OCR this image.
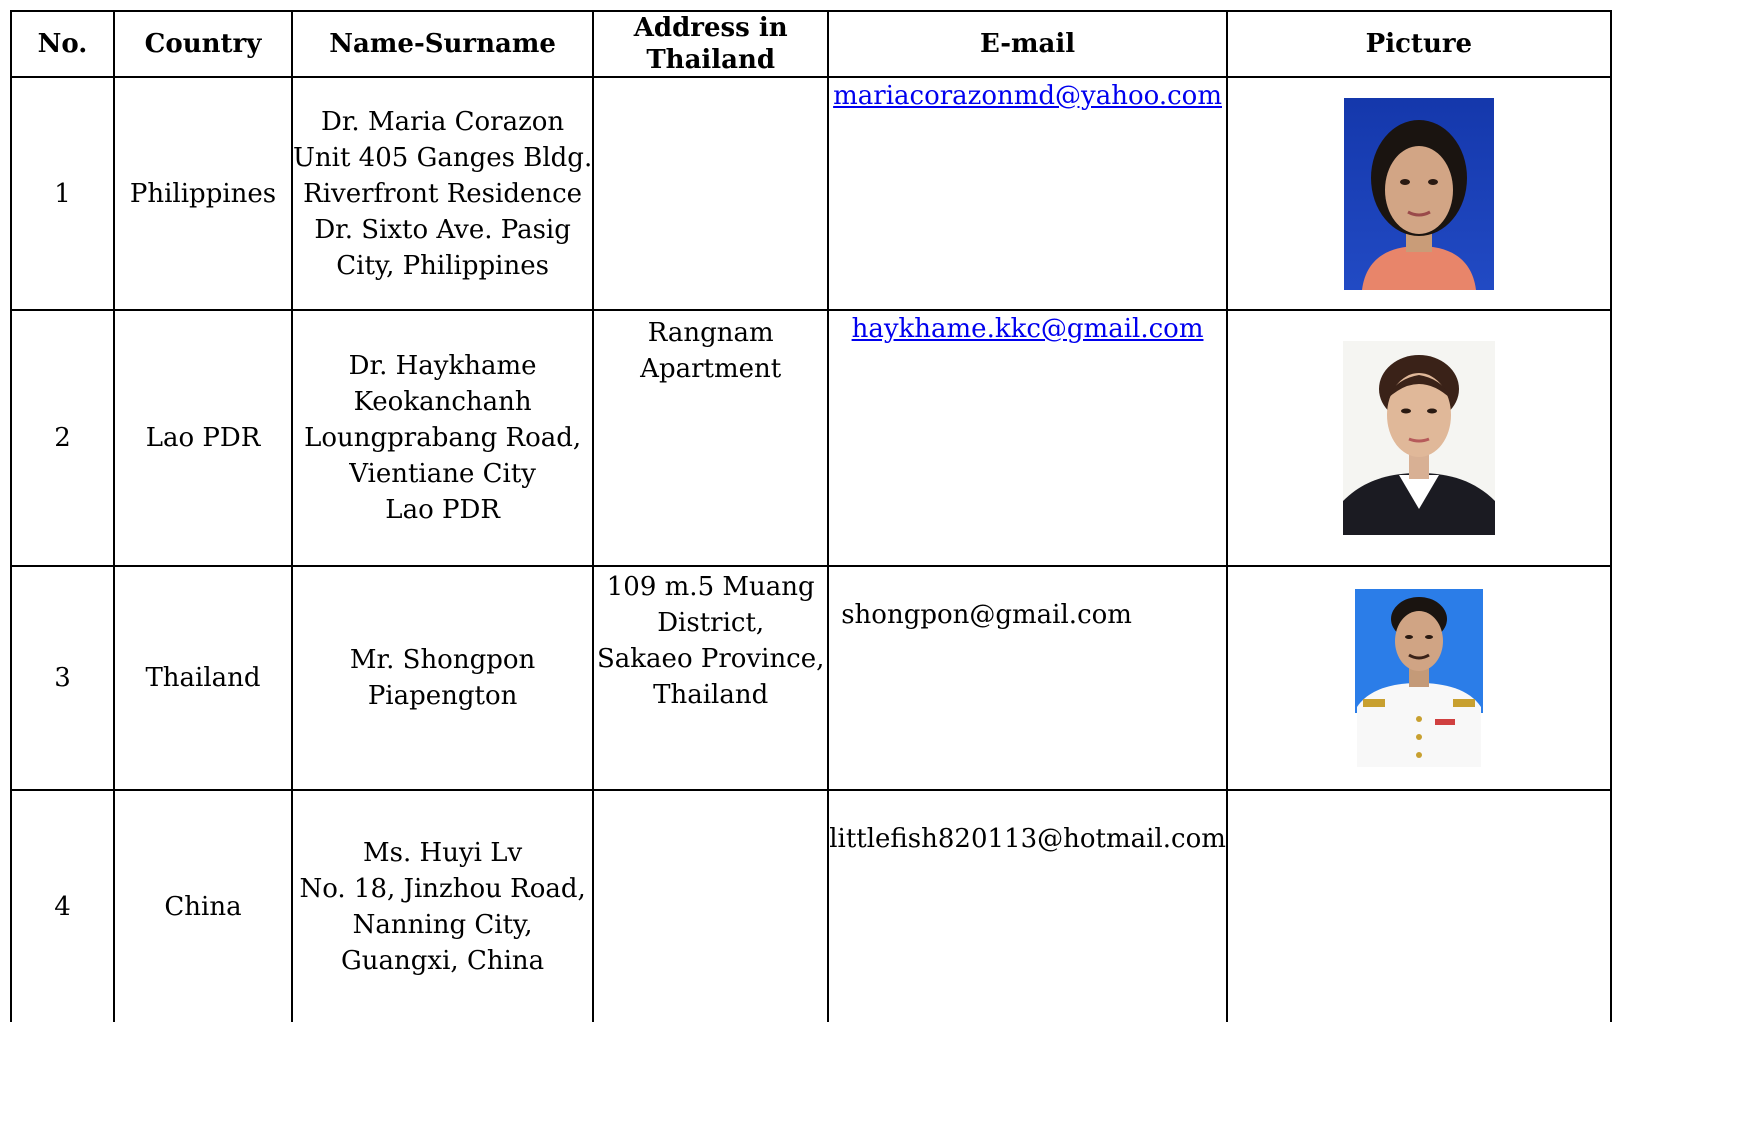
No.	Country	Name-Surname	Address in
Thailand	E-mail	Picture
1	Philippines	Dr. Maria Corazon
Unit 405 Ganges Bldg.
Riverfront Residence
Dr. Sixto Ave. Pasig
City, Philippines		mariacorazonmd@yahoo.com	

2	Lao PDR	Dr. Haykhame
Keokanchanh
Loungprabang Road,
Vientiane City
Lao PDR	Rangnam
Apartment	haykhame.kkc@gmail.com	

3	Thailand	Mr. Shongpon
Piapengton	109 m.5 Muang
District,
Sakaeo Province,
Thailand	shongpon@gmail.com	

4	China	Ms. Huyi Lv
No. 18, Jinzhou Road,
Nanning City,
Guangxi, China		littlefish820113@hotmail.com	
